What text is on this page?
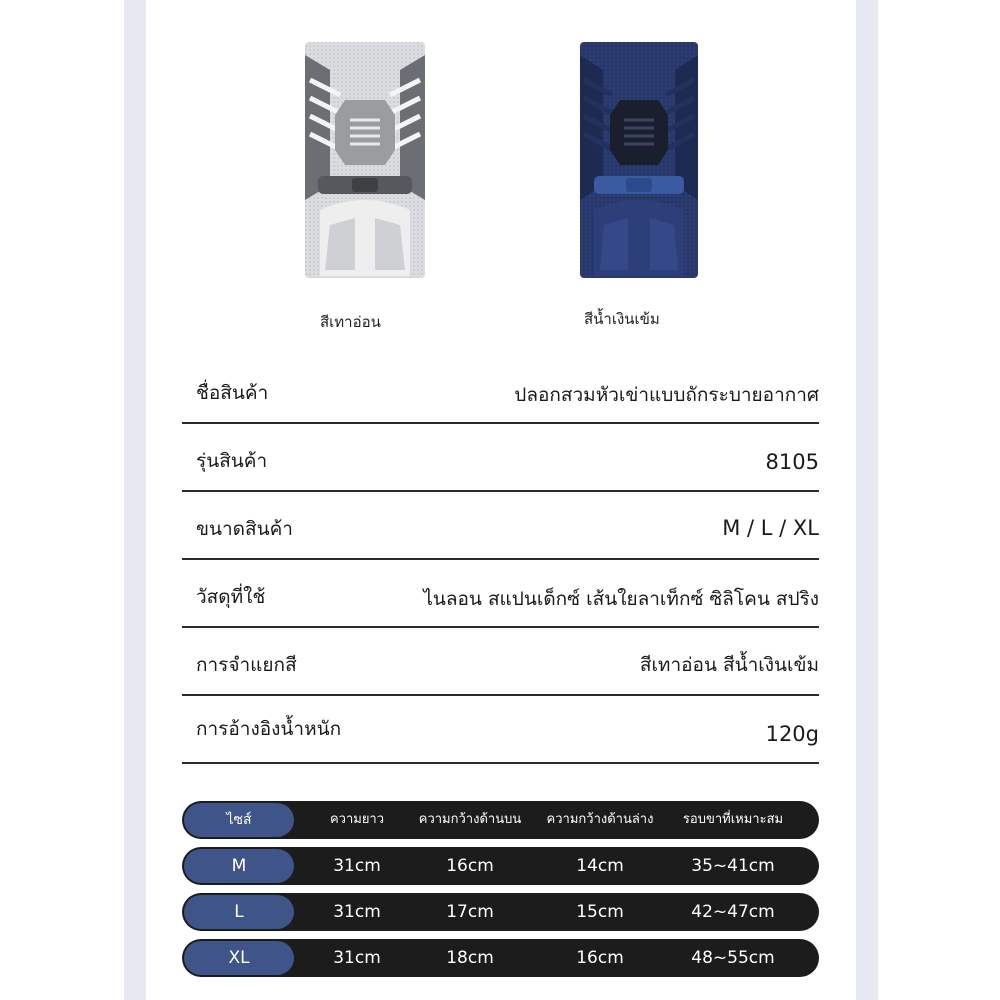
สีเทาอ่อน	สีน้ำเงินเข้ม
ชื่อสินค้า	ปลอกสวมหัวเข่าแบบถักระบายอากาศ
รุ่นสินค้า	8105
ขนาดสินค้า	M / L / XL
วัสดุที่ใช้	ไนลอน สแปนเด็กซ์ เส้นใยลาเท็กซ์ ซิลิโคน สปริง
การจำแยกสี	สีเทาอ่อน สีน้ำเงินเข้ม
การอ้างอิงน้ำหนัก	120g
ไซส์	ความยาว	ความกว้างด้านบน	ความกว้างด้านล่าง	รอบขาที่เหมาะสม
M	31cm	16cm	14cm	35~41cm
L	31cm	17cm	15cm	42~47cm
XL	31cm	18cm	16cm	48~55cm
